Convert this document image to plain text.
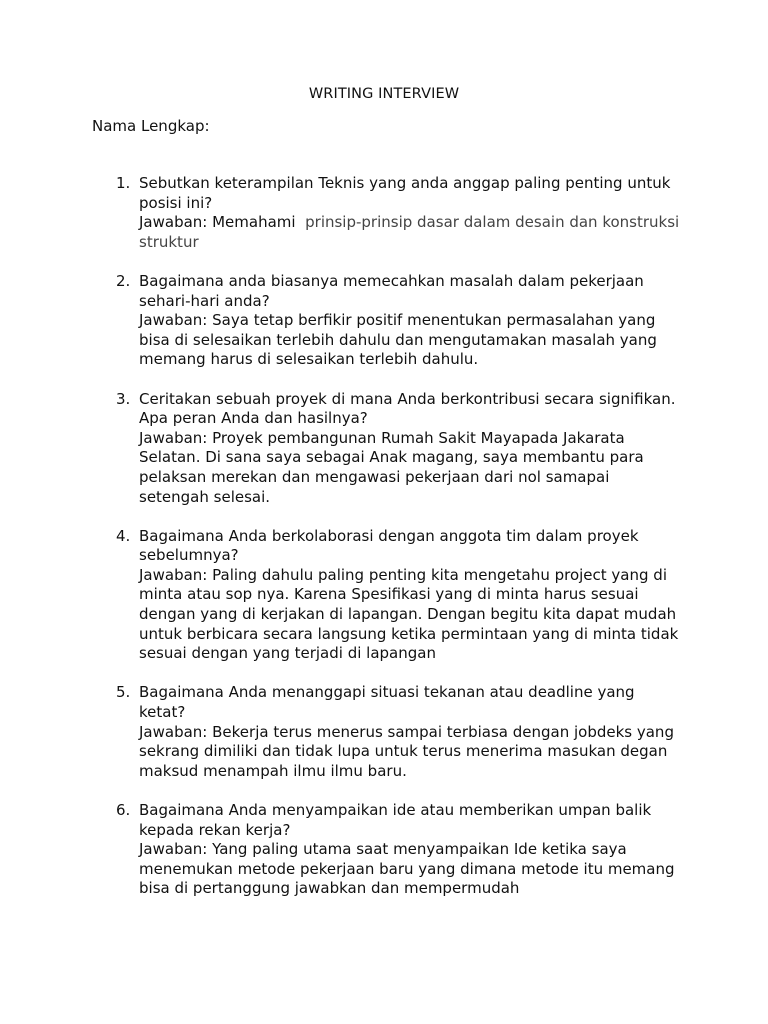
WRITING INTERVIEW
Nama Lengkap:
1. Sebutkan keterampilan Teknis yang anda anggap paling penting untuk posisi ini?
Jawaban: Memahami prinsip-prinsip dasar dalam desain dan konstruksi struktur
2. Bagaimana anda biasanya memecahkan masalah dalam pekerjaan sehari-hari anda?
Jawaban: Saya tetap berfikir positif menentukan permasalahan yang bisa di selesaikan terlebih dahulu dan mengutamakan masalah yang memang harus di selesaikan terlebih dahulu.
3. Ceritakan sebuah proyek di mana Anda berkontribusi secara signifikan. Apa peran Anda dan hasilnya?
Jawaban: Proyek pembangunan Rumah Sakit Mayapada Jakarata Selatan. Di sana saya sebagai Anak magang, saya membantu para pelaksan merekan dan mengawasi pekerjaan dari nol samapai setengah selesai.
4. Bagaimana Anda berkolaborasi dengan anggota tim dalam proyek sebelumnya?
Jawaban: Paling dahulu paling penting kita mengetahu project yang di minta atau sop nya. Karena Spesifikasi yang di minta harus sesuai dengan yang di kerjakan di lapangan. Dengan begitu kita dapat mudah untuk berbicara secara langsung ketika permintaan yang di minta tidak sesuai dengan yang terjadi di lapangan
5. Bagaimana Anda menanggapi situasi tekanan atau deadline yang ketat?
Jawaban: Bekerja terus menerus sampai terbiasa dengan jobdeks yang sekrang dimiliki dan tidak lupa untuk terus menerima masukan degan maksud menampah ilmu ilmu baru.
6. Bagaimana Anda menyampaikan ide atau memberikan umpan balik kepada rekan kerja?
Jawaban: Yang paling utama saat menyampaikan Ide ketika saya menemukan metode pekerjaan baru yang dimana metode itu memang bisa di pertanggung jawabkan dan mempermudah
